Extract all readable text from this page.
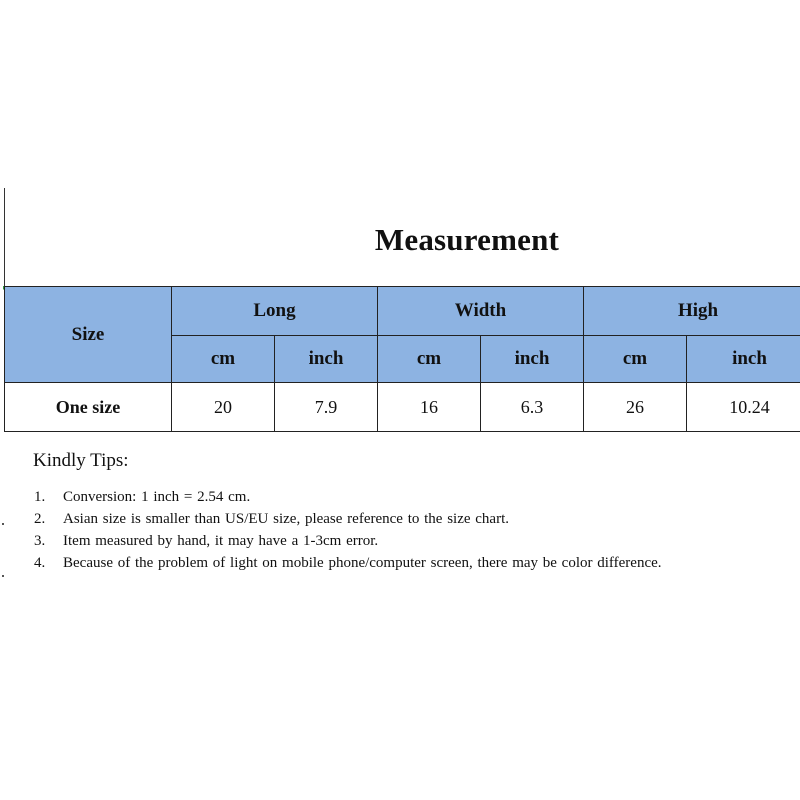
Measurement
Size	Long		Width		High	
	cm	inch	cm	inch	cm	inch
One size	20	7.9	16	6.3	26	10.24
Kindly Tips:
1.	Conversion: 1 inch = 2.54 cm.
2.	Asian size is smaller than US/EU size, please reference to the size chart.
3.	Item measured by hand, it may have a 1-3cm error.
4.	Because of the problem of light on mobile phone/computer screen, there may be color difference.
